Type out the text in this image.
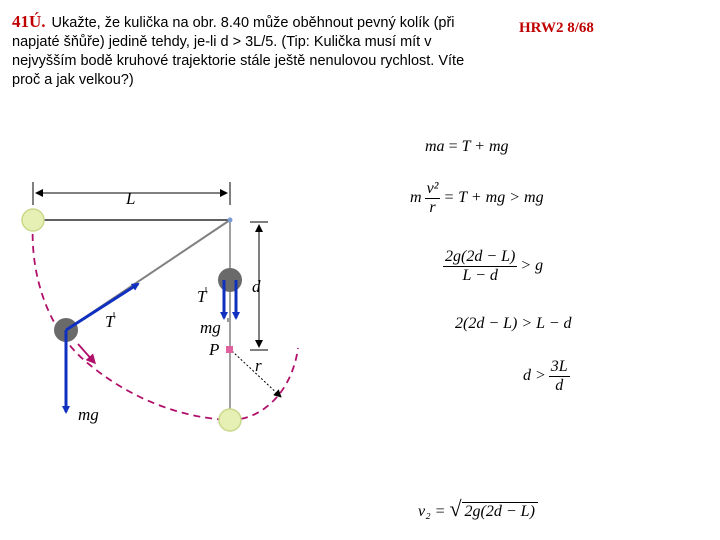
41Ú. Ukažte, že kulička na obr. 8.40 může oběhnout pevný kolík (při napjaté šňůře) jedině tehdy, je-li d > 3L/5. (Tip: Kulička musí mít v nejvyšším bodě kruhové trajektorie stále ještě nenulovou rychlost. Víte proč a jak velkou?)
HRW2 8/68
L
d
r
P
T
T
mg
mg
ma = T + mg
m $\frac{\text{v²}}{r} = T$ + mg > mg
$\frac{2g(2d - L)}{L - d} > g$
2(2d − L) > L − d
$d > \frac{3L}{d}$
v₂ = √ 2g(2d − L)
